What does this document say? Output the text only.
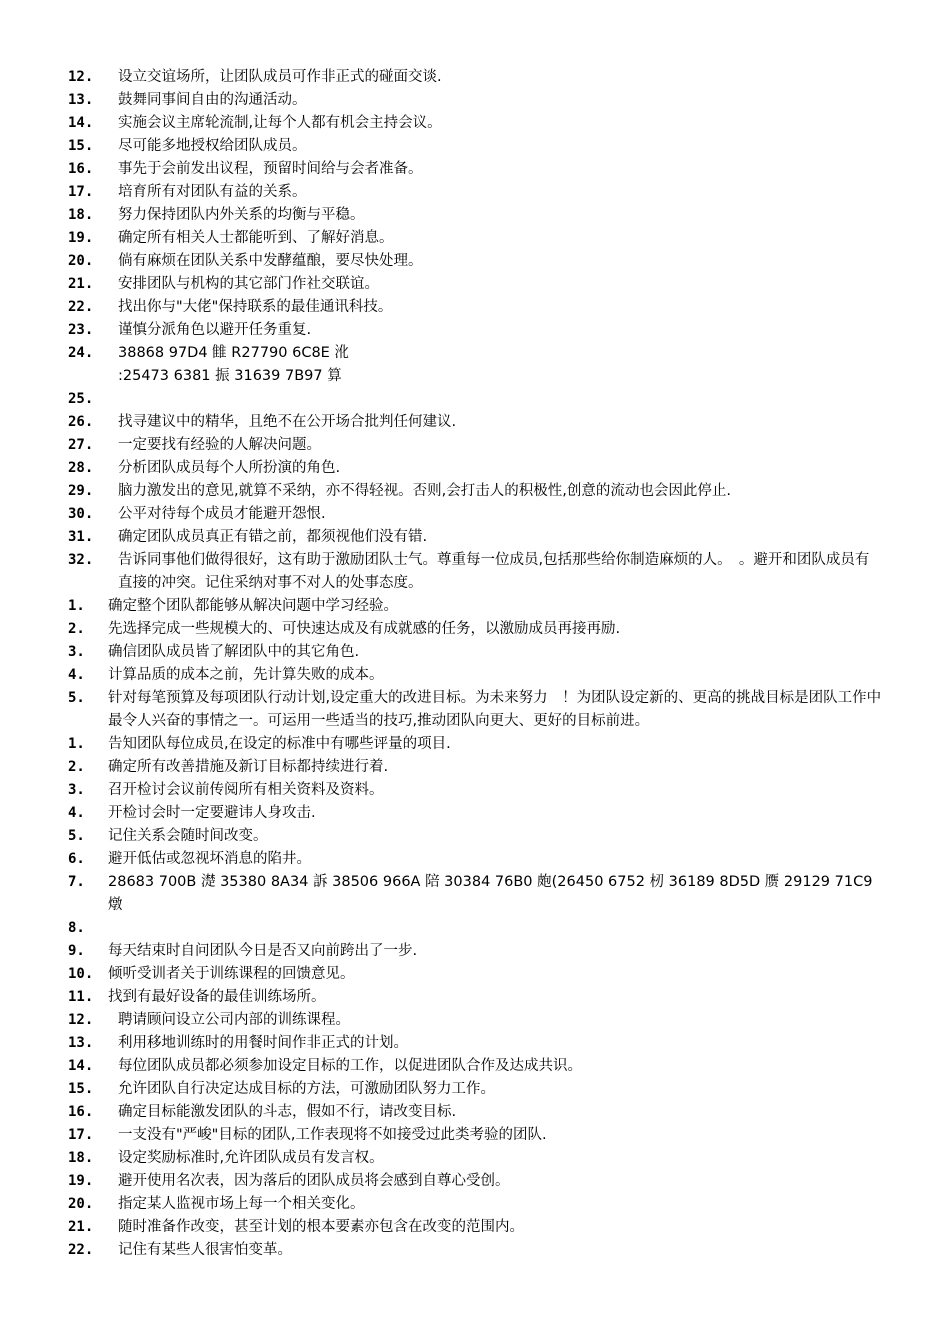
12.	设立交谊场所，让团队成员可作非正式的碰面交谈.
13.	鼓舞同事间自由的沟通活动。
14.	实施会议主席轮流制,让每个人都有机会主持会议。
15.	尽可能多地授权给团队成员。
16.	事先于会前发出议程，预留时间给与会者准备。
17.	培育所有对团队有益的关系。
18.	努力保持团队内外关系的均衡与平稳。
19.	确定所有相关人士都能听到、了解好消息。
20.	倘有麻烦在团队关系中发酵蕴酿，要尽快处理。
21.	安排团队与机构的其它部门作社交联谊。
22.	找出你与"大佬"保持联系的最佳通讯科技。
23.	谨慎分派角色以避开任务重复.
24.	38868 97D4 雔 R27790 6C8E 沎
:25473 6381 振 31639 7B97 算
25.
26.	找寻建议中的精华，且绝不在公开场合批判任何建议.
27.	一定要找有经验的人解决问题。
28.	分析团队成员每个人所扮演的角色.
29.	脑力激发出的意见,就算不采纳，亦不得轻视。否则,会打击人的积极性,创意的流动也会因此停止.
30.	公平对待每个成员才能避开怨恨.
31.	确定团队成员真正有错之前，都须视他们没有错.
32.	告诉同事他们做得很好，这有助于激励团队士气。尊重每一位成员,包括那些给你制造麻烦的人。　。避开和团队成员有直接的冲突。记住采纳对事不对人的处事态度。
1.	确定整个团队都能够从解决问题中学习经验。
2.	先选择完成一些规模大的、可快速达成及有成就感的任务，以激励成员再接再励.
3.	确信团队成员皆了解团队中的其它角色.
4.	计算品质的成本之前，先计算失败的成本。
5.	针对每笔预算及每项团队行动计划,设定重大的改进目标。为未来努力　！为团队设定新的、更高的挑战目标是团队工作中最令人兴奋的事情之一。可运用一些适当的技巧,推动团队向更大、更好的目标前进。
1.	告知团队每位成员,在设定的标准中有哪些评量的项目.
2.	确定所有改善措施及新订目标都持续进行着.
3.	召开检讨会议前传阅所有相关资料及资料。
4.	开检讨会时一定要避讳人身攻击.
5.	记住关系会随时间改变。
6.	避开低估或忽视坏消息的陷井。
7.	28683 700B 濋 35380 8A34 訴 38506 966A 陪 30384 76B0 皰(26450 6752 杒 36189 8D5D 赝 29129 71C9 燉
8.
9.	每天结束时自问团队今日是否又向前跨出了一步.
10.	倾听受训者关于训练课程的回馈意见。
11.	找到有最好设备的最佳训练场所。
12.	聘请顾问设立公司内部的训练课程。
13.	利用移地训练时的用餐时间作非正式的计划。
14.	每位团队成员都必须参加设定目标的工作，以促进团队合作及达成共识。
15.	允许团队自行决定达成目标的方法，可激励团队努力工作。
16.	确定目标能激发团队的斗志，假如不行，请改变目标.
17.	一支没有"严峻"目标的团队,工作表现将不如接受过此类考验的团队.
18.	设定奖励标准时,允许团队成员有发言权。
19.	避开使用名次表，因为落后的团队成员将会感到自尊心受创。
20.	指定某人监视市场上每一个相关变化。
21.	随时准备作改变，甚至计划的根本要素亦包含在改变的范围内。
22.	记住有某些人很害怕变革。
